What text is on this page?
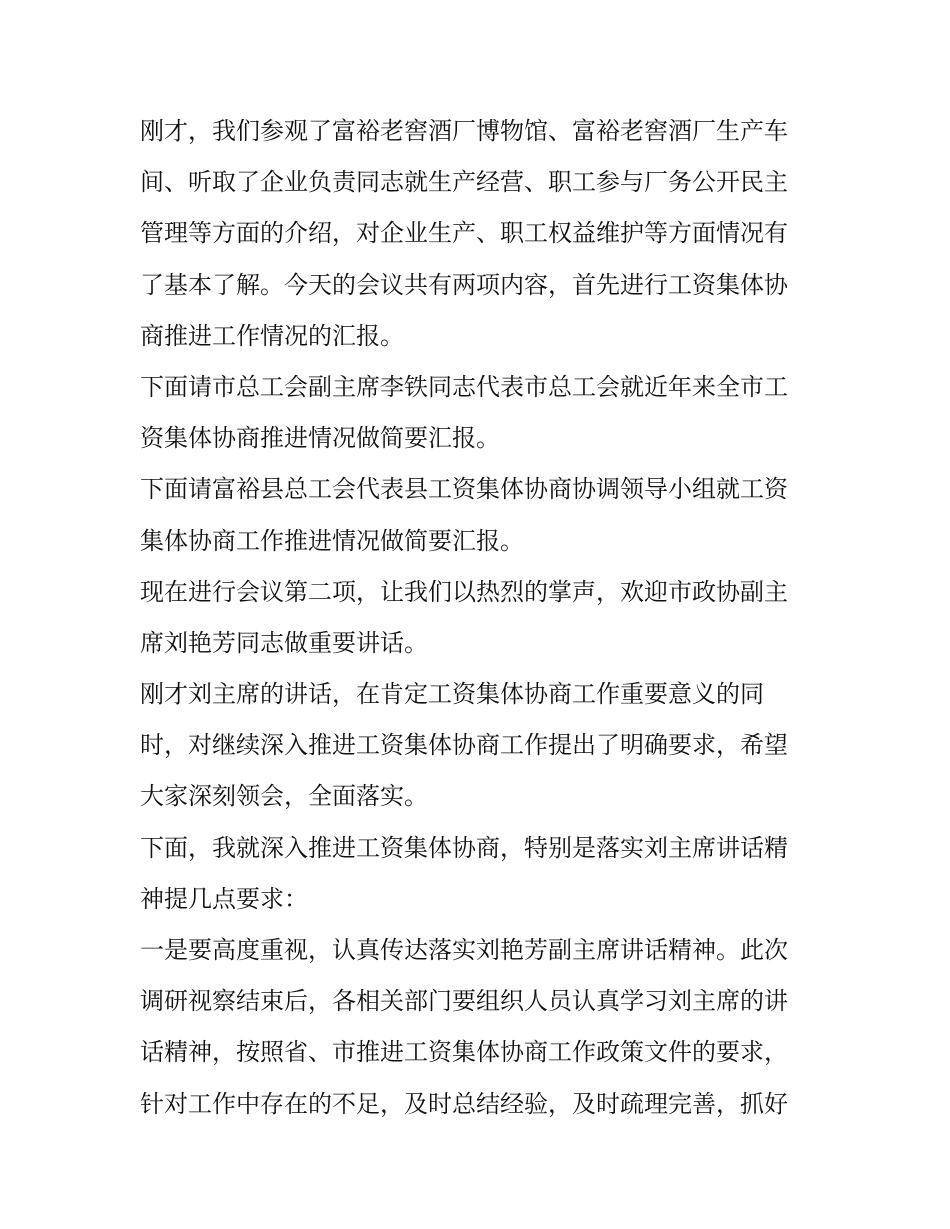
刚才，我们参观了富裕老窖酒厂博物馆、富裕老窖酒厂生产车
间、听取了企业负责同志就生产经营、职工参与厂务公开民主
管理等方面的介绍，对企业生产、职工权益维护等方面情况有
了基本了解。今天的会议共有两项内容，首先进行工资集体协
商推进工作情况的汇报。
下面请市总工会副主席李铁同志代表市总工会就近年来全市工
资集体协商推进情况做简要汇报。
下面请富裕县总工会代表县工资集体协商协调领导小组就工资
集体协商工作推进情况做简要汇报。
现在进行会议第二项，让我们以热烈的掌声，欢迎市政协副主
席刘艳芳同志做重要讲话。
刚才刘主席的讲话，在肯定工资集体协商工作重要意义的同
时，对继续深入推进工资集体协商工作提出了明确要求，希望
大家深刻领会，全面落实。
下面，我就深入推进工资集体协商，特别是落实刘主席讲话精
神提几点要求：
一是要高度重视，认真传达落实刘艳芳副主席讲话精神。此次
调研视察结束后，各相关部门要组织人员认真学习刘主席的讲
话精神，按照省、市推进工资集体协商工作政策文件的要求，
针对工作中存在的不足，及时总结经验，及时疏理完善，抓好
